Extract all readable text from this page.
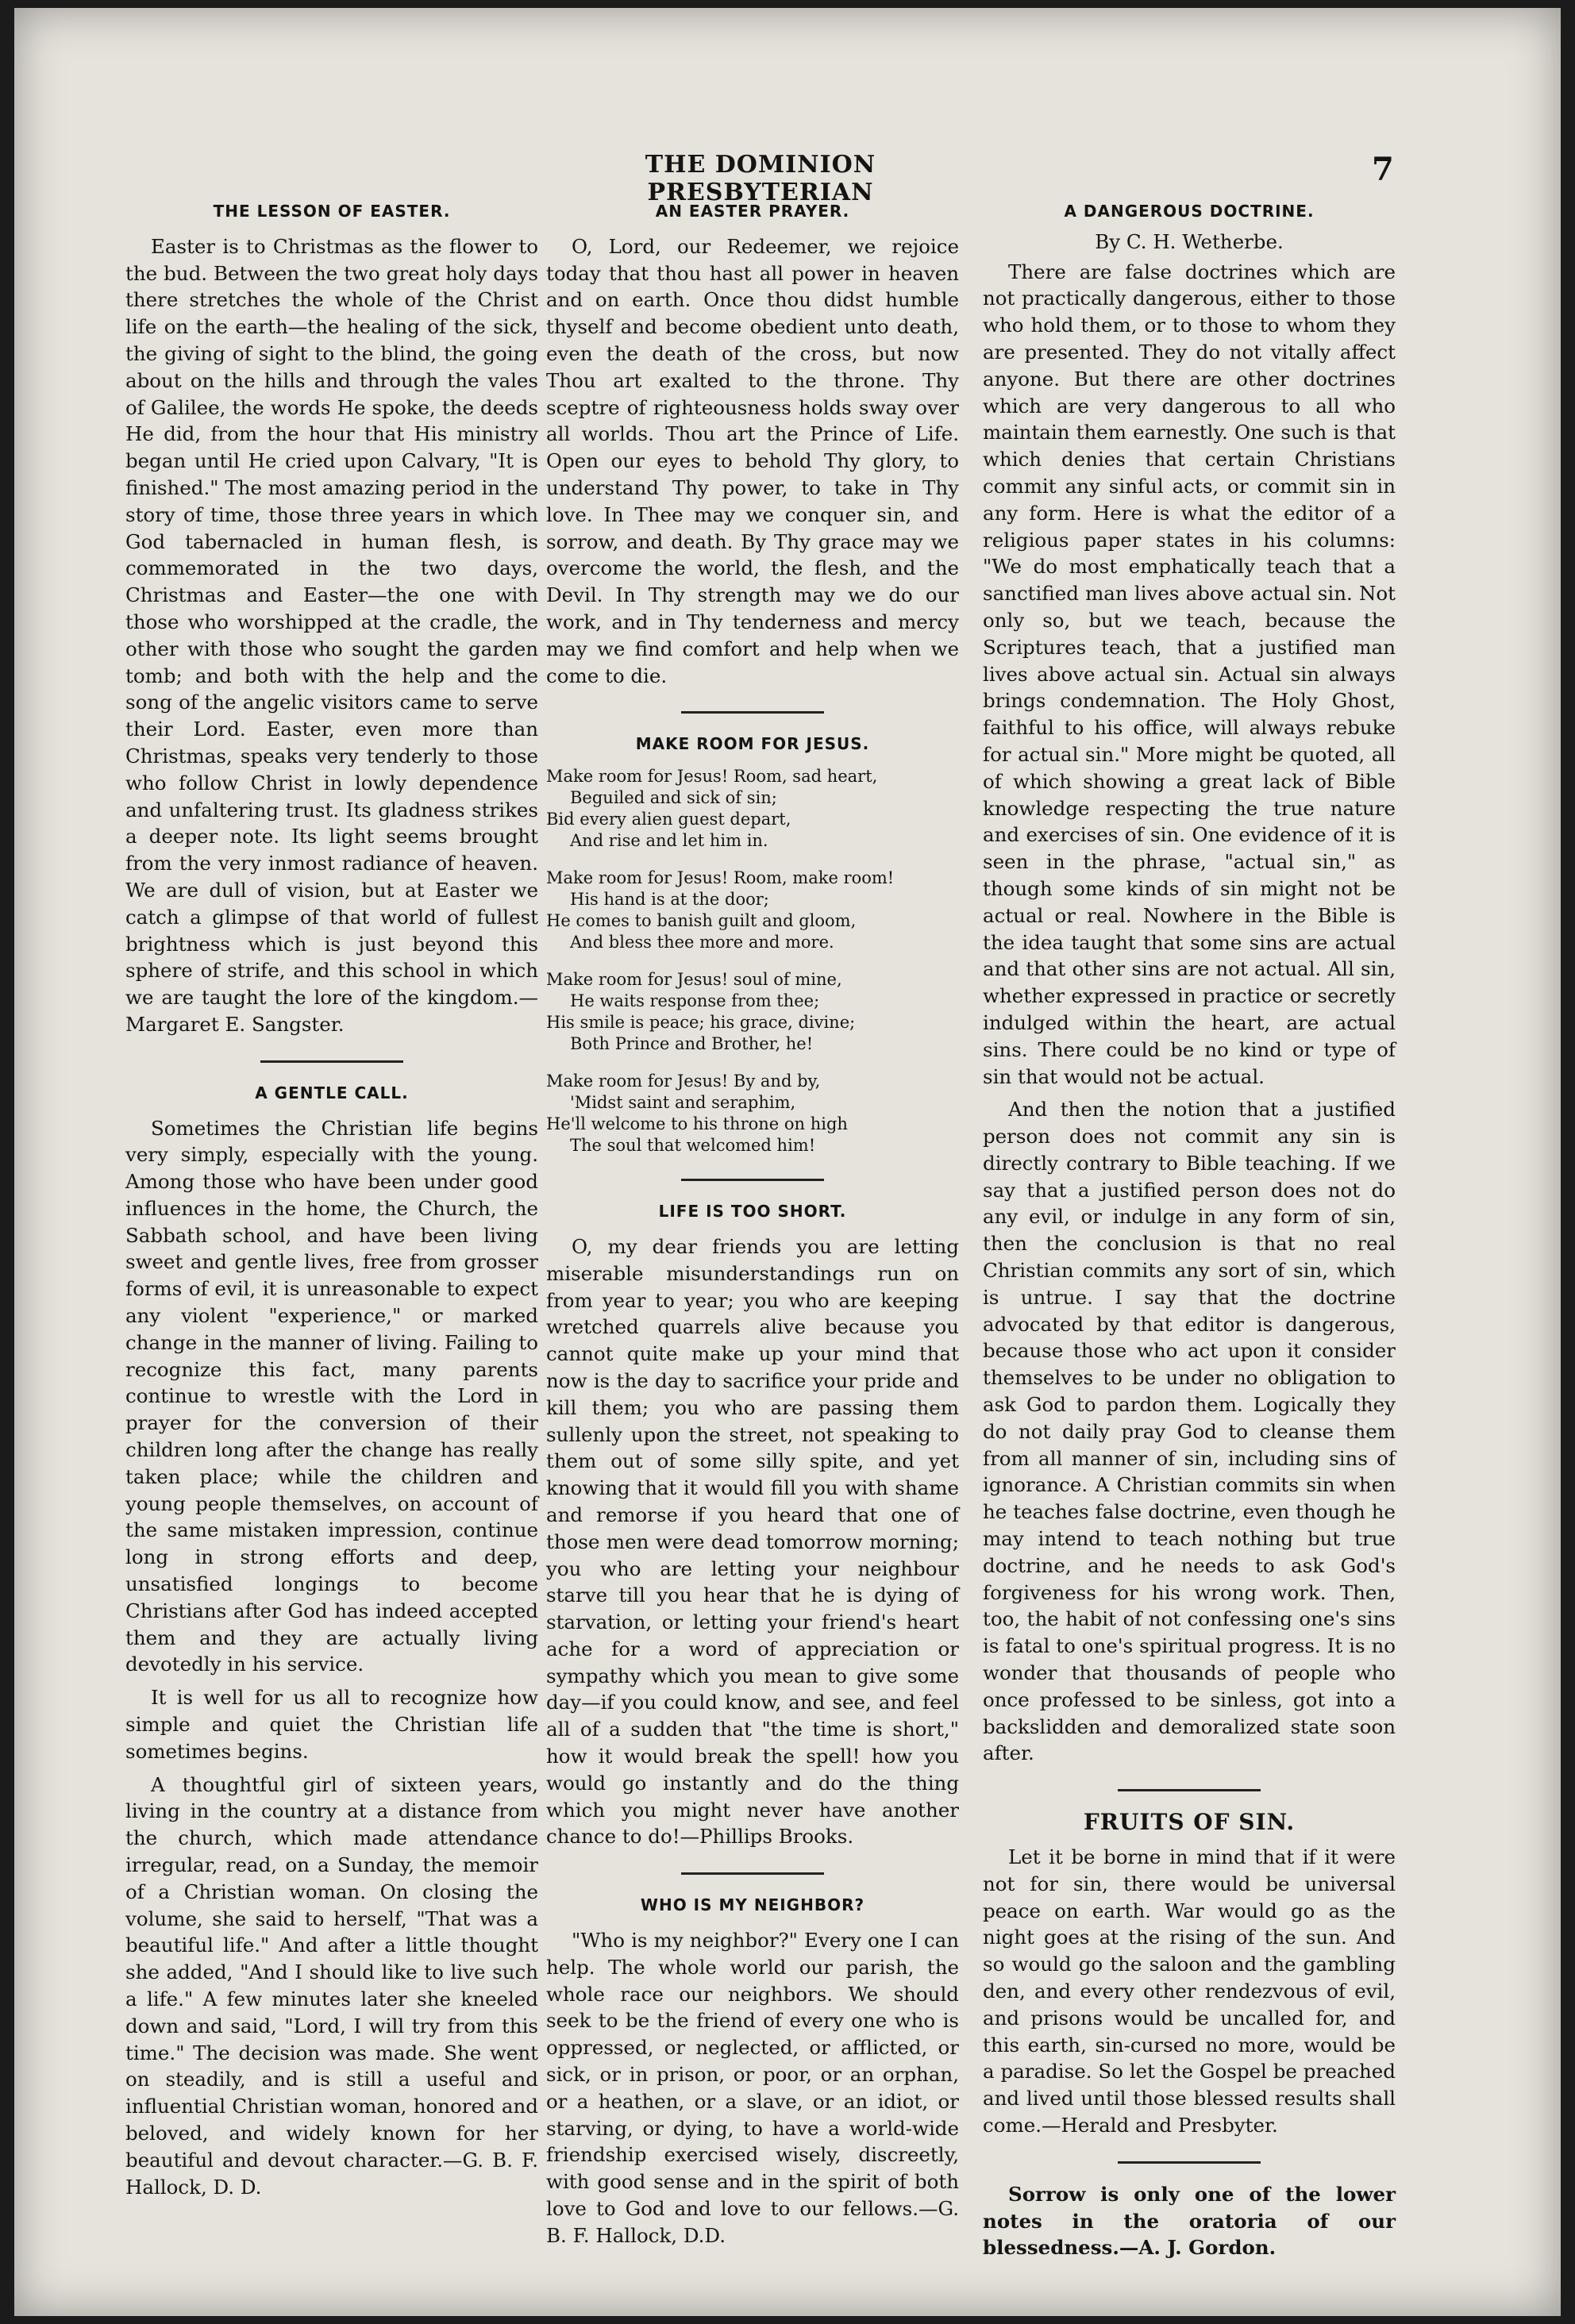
THE DOMINION PRESBYTERIAN
7
THE LESSON OF EASTER.

Easter is to Christmas as the flower to the bud. Between the two great holy days there stretches the whole of the Christ life on the earth—the healing of the sick, the giving of sight to the blind, the going about on the hills and through the vales of Galilee, the words He spoke, the deeds He did, from the hour that His ministry began until He cried upon Calvary, "It is finished." The most amazing period in the story of time, those three years in which God tabernacled in human flesh, is commemorated in the two days, Christmas and Easter—the one with those who worshipped at the cradle, the other with those who sought the garden tomb; and both with the help and the song of the angelic visitors came to serve their Lord. Easter, even more than Christmas, speaks very tenderly to those who follow Christ in lowly dependence and unfaltering trust. Its gladness strikes a deeper note. Its light seems brought from the very inmost radiance of heaven. We are dull of vision, but at Easter we catch a glimpse of that world of fullest brightness which is just beyond this sphere of strife, and this school in which we are taught the lore of the kingdom.—Margaret E. Sangster.

A GENTLE CALL.

Sometimes the Christian life begins very simply, especially with the young. Among those who have been under good influences in the home, the Church, the Sabbath school, and have been living sweet and gentle lives, free from grosser forms of evil, it is unreasonable to expect any violent "experience," or marked change in the manner of living. Failing to recognize this fact, many parents continue to wrestle with the Lord in prayer for the conversion of their children long after the change has really taken place; while the children and young people themselves, on account of the same mistaken impression, continue long in strong efforts and deep, unsatisfied longings to become Christians after God has indeed accepted them and they are actually living devotedly in his service.

It is well for us all to recognize how simple and quiet the Christian life sometimes begins.

A thoughtful girl of sixteen years, living in the country at a distance from the church, which made attendance irregular, read, on a Sunday, the memoir of a Christian woman. On closing the volume, she said to herself, "That was a beautiful life." And after a little thought she added, "And I should like to live such a life." A few minutes later she kneeled down and said, "Lord, I will try from this time." The decision was made. She went on steadily, and is still a useful and influential Christian woman, honored and beloved, and widely known for her beautiful and devout character.—G. B. F. Hallock, D. D.

AN EASTER PRAYER.

O, Lord, our Redeemer, we rejoice today that thou hast all power in heaven and on earth. Once thou didst humble thyself and become obedient unto death, even the death of the cross, but now Thou art exalted to the throne. Thy sceptre of righteousness holds sway over all worlds. Thou art the Prince of Life. Open our eyes to behold Thy glory, to understand Thy power, to take in Thy love. In Thee may we conquer sin, and sorrow, and death. By Thy grace may we overcome the world, the flesh, and the Devil. In Thy strength may we do our work, and in Thy tenderness and mercy may we find comfort and help when we come to die.

MAKE ROOM FOR JESUS.
Make room for Jesus! Room, sad heart,
Beguiled and sick of sin;
Bid every alien guest depart,
And rise and let him in.
Make room for Jesus! Room, make room!
His hand is at the door;
He comes to banish guilt and gloom,
And bless thee more and more.
Make room for Jesus! soul of mine,
He waits response from thee;
His smile is peace; his grace, divine;
Both Prince and Brother, he!
Make room for Jesus! By and by,
'Midst saint and seraphim,
He'll welcome to his throne on high
The soul that welcomed him!
LIFE IS TOO SHORT.

O, my dear friends you are letting miserable misunderstandings run on from year to year; you who are keeping wretched quarrels alive because you cannot quite make up your mind that now is the day to sacrifice your pride and kill them; you who are passing them sullenly upon the street, not speaking to them out of some silly spite, and yet knowing that it would fill you with shame and remorse if you heard that one of those men were dead tomorrow morning; you who are letting your neighbour starve till you hear that he is dying of starvation, or letting your friend's heart ache for a word of appreciation or sympathy which you mean to give some day—if you could know, and see, and feel all of a sudden that "the time is short," how it would break the spell! how you would go instantly and do the thing which you might never have another chance to do!—Phillips Brooks.

WHO IS MY NEIGHBOR?

"Who is my neighbor?" Every one I can help. The whole world our parish, the whole race our neighbors. We should seek to be the friend of every one who is oppressed, or neglected, or afflicted, or sick, or in prison, or poor, or an orphan, or a heathen, or a slave, or an idiot, or starving, or dying, to have a world-wide friendship exercised wisely, discreetly, with good sense and in the spirit of both love to God and love to our fellows.—G. B. F. Hallock, D.D.

A DANGEROUS DOCTRINE.
By C. H. Wetherbe.

There are false doctrines which are not practically dangerous, either to those who hold them, or to those to whom they are presented. They do not vitally affect anyone. But there are other doctrines which are very dangerous to all who maintain them earnestly. One such is that which denies that certain Christians commit any sinful acts, or commit sin in any form. Here is what the editor of a religious paper states in his columns: "We do most emphatically teach that a sanctified man lives above actual sin. Not only so, but we teach, because the Scriptures teach, that a justified man lives above actual sin. Actual sin always brings condemnation. The Holy Ghost, faithful to his office, will always rebuke for actual sin." More might be quoted, all of which showing a great lack of Bible knowledge respecting the true nature and exercises of sin. One evidence of it is seen in the phrase, "actual sin," as though some kinds of sin might not be actual or real. Nowhere in the Bible is the idea taught that some sins are actual and that other sins are not actual. All sin, whether expressed in practice or secretly indulged within the heart, are actual sins. There could be no kind or type of sin that would not be actual.

And then the notion that a justified person does not commit any sin is directly contrary to Bible teaching. If we say that a justified person does not do any evil, or indulge in any form of sin, then the conclusion is that no real Christian commits any sort of sin, which is untrue. I say that the doctrine advocated by that editor is dangerous, because those who act upon it consider themselves to be under no obligation to ask God to pardon them. Logically they do not daily pray God to cleanse them from all manner of sin, including sins of ignorance. A Christian commits sin when he teaches false doctrine, even though he may intend to teach nothing but true doctrine, and he needs to ask God's forgiveness for his wrong work. Then, too, the habit of not confessing one's sins is fatal to one's spiritual progress. It is no wonder that thousands of people who once professed to be sinless, got into a backslidden and demoralized state soon after.

FRUITS OF SIN.

Let it be borne in mind that if it were not for sin, there would be universal peace on earth. War would go as the night goes at the rising of the sun. And so would go the saloon and the gambling den, and every other rendezvous of evil, and prisons would be uncalled for, and this earth, sin-cursed no more, would be a paradise. So let the Gospel be preached and lived until those blessed results shall come.—Herald and Presbyter.

Sorrow is only one of the lower notes in the oratoria of our blessedness.—A. J. Gordon.
